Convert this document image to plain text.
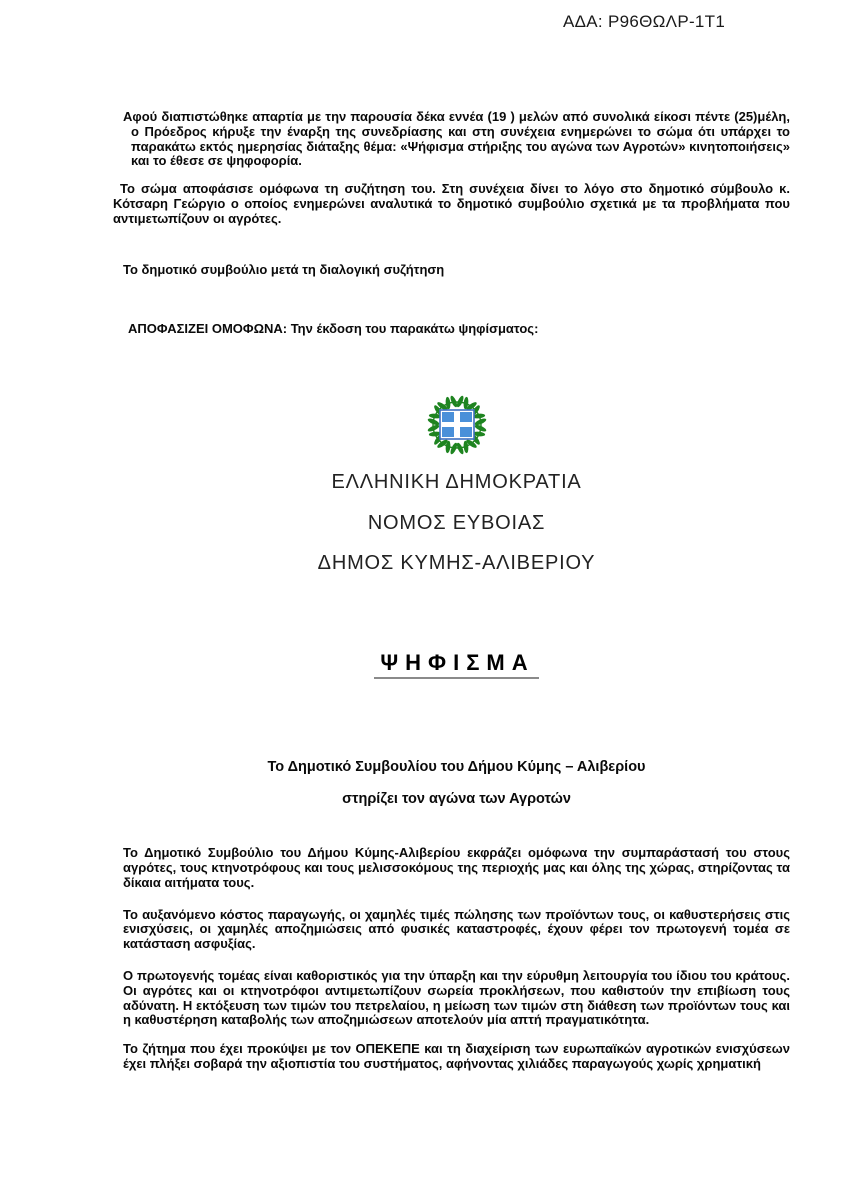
ΑΔΑ: Ρ96ΘΩΛΡ-1Τ1

Αφού διαπιστώθηκε απαρτία με την παρουσία δέκα εννέα (19 ) μελών από συνολικά είκοσι πέντε (25)μέλη, ο Πρόεδρος κήρυξε την έναρξη της συνεδρίασης και στη συνέχεια ενημερώνει το σώμα ότι υπάρχει το παρακάτω εκτός ημερησίας διάταξης θέμα: «Ψήφισμα στήριξης του αγώνα των Αγροτών» κινητοποιήσεις» και το έθεσε σε ψηφοφορία.

Το σώμα αποφάσισε ομόφωνα τη συζήτηση του. Στη συνέχεια δίνει το λόγο στο δημοτικό σύμβουλο κ. Κότσαρη Γεώργιο ο οποίος ενημερώνει αναλυτικά το δημοτικό συμβούλιο σχετικά με τα προβλήματα που αντιμετωπίζουν οι αγρότες.

Το δημοτικό συμβούλιο μετά τη διαλογική συζήτηση

ΑΠΟΦΑΣΙΖΕΙ ΟΜΟΦΩΝΑ: Την έκδοση του παρακάτω ψηφίσματος:

ΕΛΛΗΝΙΚΗ ΔΗΜΟΚΡΑΤΙΑ
ΝΟΜΟΣ ΕΥΒΟΙΑΣ
ΔΗΜΟΣ ΚΥΜΗΣ-ΑΛΙΒΕΡΙΟΥ
ΨΗΦΙΣΜΑ
Το Δημοτικό Συμβουλίου του Δήμου Κύμης – Αλιβερίου
στηρίζει τον αγώνα των Αγροτών

Το Δημοτικό Συμβούλιο του Δήμου Κύμης-Αλιβερίου εκφράζει ομόφωνα την συμπαράστασή του στους αγρότες, τους κτηνοτρόφους και τους μελισσοκόμους της περιοχής μας και όλης της χώρας, στηρίζοντας τα δίκαια αιτήματα τους.

Το αυξανόμενο κόστος παραγωγής, οι χαμηλές τιμές πώλησης των προϊόντων τους, οι καθυστερήσεις στις ενισχύσεις, οι χαμηλές αποζημιώσεις από φυσικές καταστροφές, έχουν φέρει τον πρωτογενή τομέα σε κατάσταση ασφυξίας.

Ο πρωτογενής τομέας είναι καθοριστικός για την ύπαρξη και την εύρυθμη λειτουργία του ίδιου του κράτους. Οι αγρότες και οι κτηνοτρόφοι αντιμετωπίζουν σωρεία προκλήσεων, που καθιστούν την επιβίωση τους αδύνατη. Η εκτόξευση των τιμών του πετρελαίου, η μείωση των τιμών στη διάθεση των προϊόντων τους και η καθυστέρηση καταβολής των αποζημιώσεων αποτελούν μία απτή πραγματικότητα.

Το ζήτημα που έχει προκύψει με τον ΟΠΕΚΕΠΕ και τη διαχείριση των ευρωπαϊκών αγροτικών ενισχύσεων έχει πλήξει σοβαρά την αξιοπιστία του συστήματος, αφήνοντας χιλιάδες παραγωγούς χωρίς χρηματική
